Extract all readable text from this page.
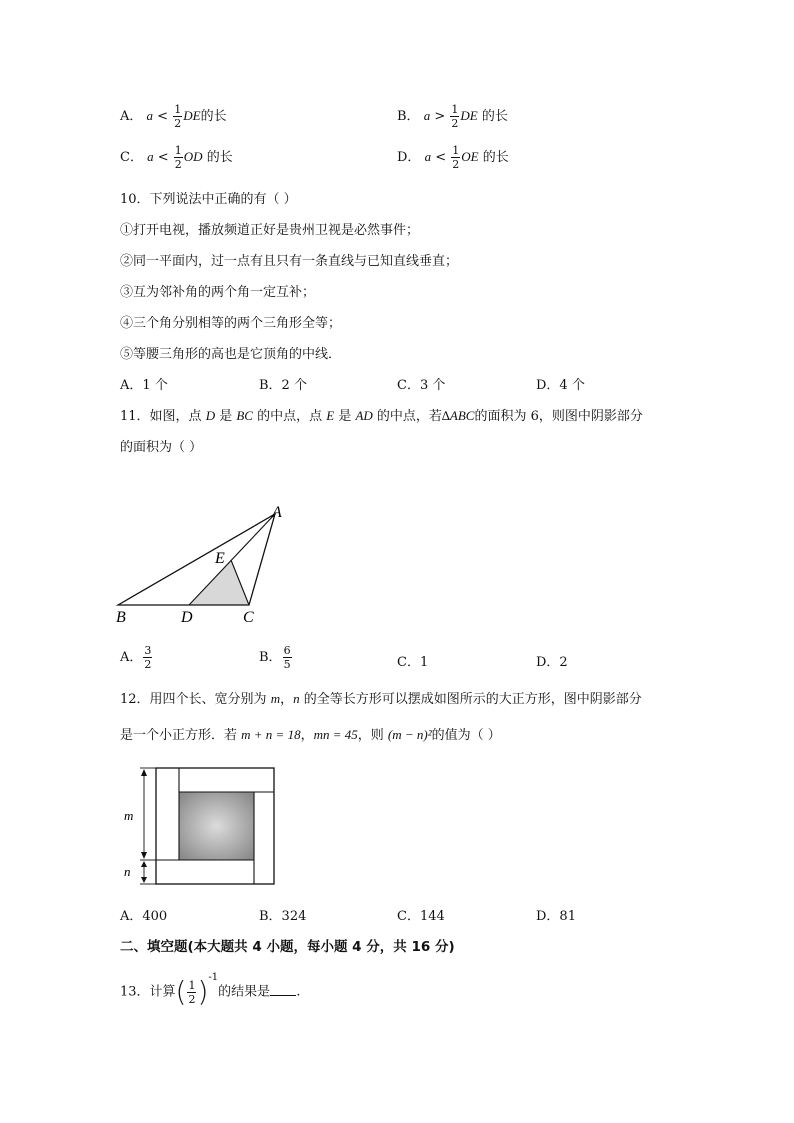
A． $a < \frac{1}{2}$ DE的长	B． $a > \frac{1}{2}$ DE 的长
C． $a < \frac{1}{2}$ OD 的长	D． $a < \frac{1}{2}$ OE 的长
10．下列说法中正确的有（ ）
①打开电视，播放频道正好是贵州卫视是必然事件；
②同一平面内，过一点有且只有一条直线与已知直线垂直；
③互为邻补角的两个角一定互补；
④三个角分别相等的两个三角形全等；
⑤等腰三角形的高也是它顶角的中线．
A．1 个	B．2 个	C．3 个	D．4 个
11．如图，点 D 是 BC 的中点，点 E 是 AD 的中点，若∆ABC的面积为 6，则图中阴影部分
的面积为（ ）
A
B	D	C
E
A． $\frac{3}{2}$	B． $\frac{6}{5}$	C．1	D．2
12．用四个长、宽分别为 m，n 的全等长方形可以摆成如图所示的大正方形，图中阴影部分
是一个小正方形．若 m + n = 18，mn = 45，则 (m − n)²的值为（ ）
m
n
A．400	B．324	C．144	D．81
二、填空题(本大题共 4 小题，每小题 4 分，共 16 分)
13．计算( $\frac{1}{2} )^{-1}$的结果是 .
